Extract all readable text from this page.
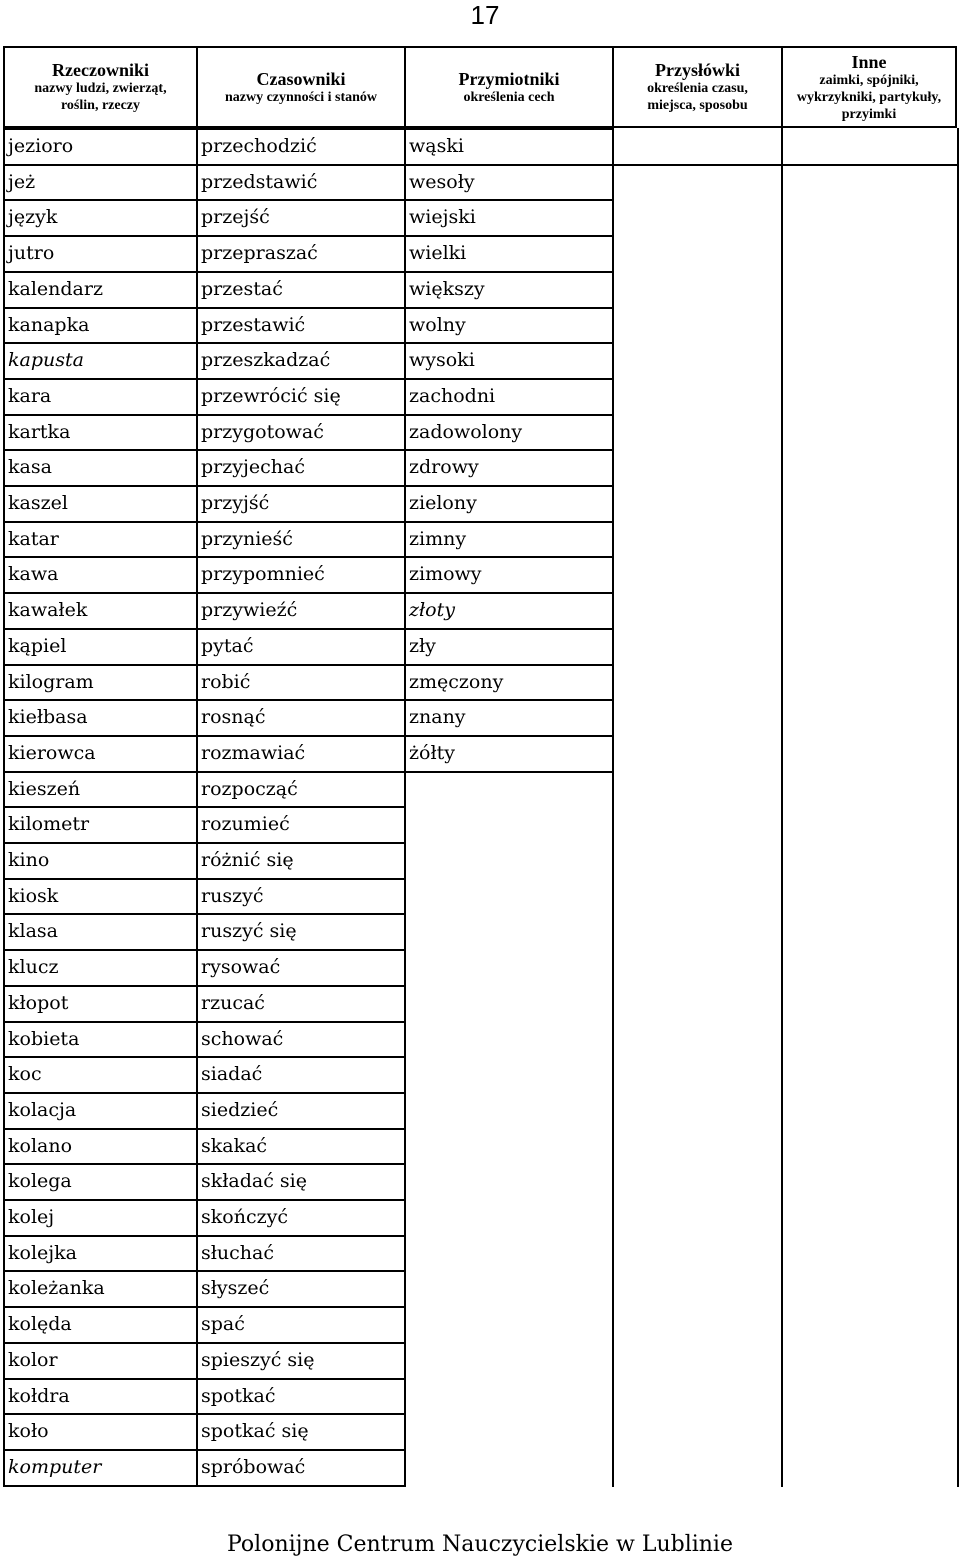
17
Rzeczowniki
nazwy ludzi, zwierząt, roślin, rzeczy
Czasowniki
nazwy czynności i stanów
Przymiotniki
określenia cech
Przysłówki
określenia czasu, miejsca, sposobu
Inne
zaimki, spójniki, wykrzykniki, partykuły, przyimki
jezioro
jeż
język
jutro
kalendarz
kanapka
kapusta
kara
kartka
kasa
kaszel
katar
kawa
kawałek
kąpiel
kilogram
kiełbasa
kierowca
kieszeń
kilometr
kino
kiosk
klasa
klucz
kłopot
kobieta
koc
kolacja
kolano
kolega
kolej
kolejka
koleżanka
kolęda
kolor
kołdra
koło
komputer
przechodzić
przedstawić
przejść
przepraszać
przestać
przestawić
przeszkadzać
przewrócić się
przygotować
przyjechać
przyjść
przynieść
przypomnieć
przywieźć
pytać
robić
rosnąć
rozmawiać
rozpocząć
rozumieć
różnić się
ruszyć
ruszyć się
rysować
rzucać
schować
siadać
siedzieć
skakać
składać się
skończyć
słuchać
słyszeć
spać
spieszyć się
spotkać
spotkać się
spróbować
wąski
wesoły
wiejski
wielki
większy
wolny
wysoki
zachodni
zadowolony
zdrowy
zielony
zimny
zimowy
złoty
zły
zmęczony
znany
żółty
Polonijne Centrum Nauczycielskie w Lublinie
